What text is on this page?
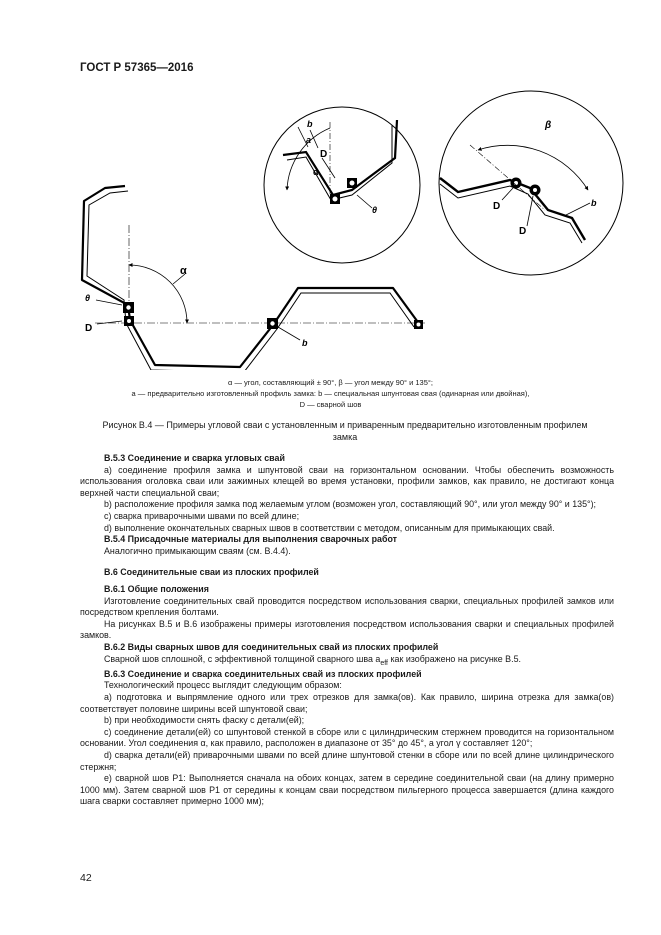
ГОСТ Р 57365—2016
b
a
D
α
θ
β
D
D
b
α
θ
D
b
α — угол, составляющий ± 90°, β — угол между 90° и 135°;
a — предварительно изготовленный профиль замка: b — специальная шпунтовая свая (одинарная или двойная),
D — сварной шов
Рисунок В.4 — Примеры угловой сваи с установленным и приваренным предварительно изготовленным профилем замка

В.5.3 Соединение и сварка угловых свай

а) соединение профиля замка и шпунтовой сваи на горизонтальном основании. Чтобы обеспечить возможность использования оголовка сваи или зажимных клещей во время установки, профили замков, как правило, не достигают конца верхней части специальной сваи;

b) расположение профиля замка под желаемым углом (возможен угол, составляющий 90°, или угол между 90° и 135°);

с) сварка приварочными швами по всей длине;

d) выполнение окончательных сварных швов в соответствии с методом, описанным для примыкающих свай.

В.5.4 Присадочные материалы для выполнения сварочных работ

Аналогично примыкающим сваям (см. В.4.4).

В.6 Соединительные сваи из плоских профилей

В.6.1 Общие положения

Изготовление соединительных свай проводится посредством использования сварки, специальных профилей замков или посредством крепления болтами.

На рисунках В.5 и В.6 изображены примеры изготовления посредством использования сварки и специальных профилей замков.

В.6.2 Виды сварных швов для соединительных свай из плоских профилей

Сварной шов сплошной, с эффективной толщиной сварного шва $a_{eff}$ как изображено на рисунке В.5.

В.6.3 Соединение и сварка соединительных свай из плоских профилей

Технологический процесс выглядит следующим образом:

а) подготовка и выпрямление одного или трех отрезков для замка(ов). Как правило, ширина отрезка для замка(ов) соответствует половине ширины всей шпунтовой сваи;

b) при необходимости снять фаску с детали(ей);

с) соединение детали(ей) со шпунтовой стенкой в сборе или с цилиндрическим стержнем проводится на горизонтальном основании. Угол соединения α, как правило, расположен в диапазоне от 35° до 45°, а угол γ составляет 120°;

d) сварка детали(ей) приварочными швами по всей длине шпунтовой стенки в сборе или по всей длине цилиндрического стержня;

е) сварной шов Р1: Выполняется сначала на обоих концах, затем в середине соединительной сваи (на длину примерно 1000 мм). Затем сварной шов Р1 от середины к концам сваи посредством пильгерного процесса завершается (длина каждого шага сварки составляет примерно 1000 мм);

42
